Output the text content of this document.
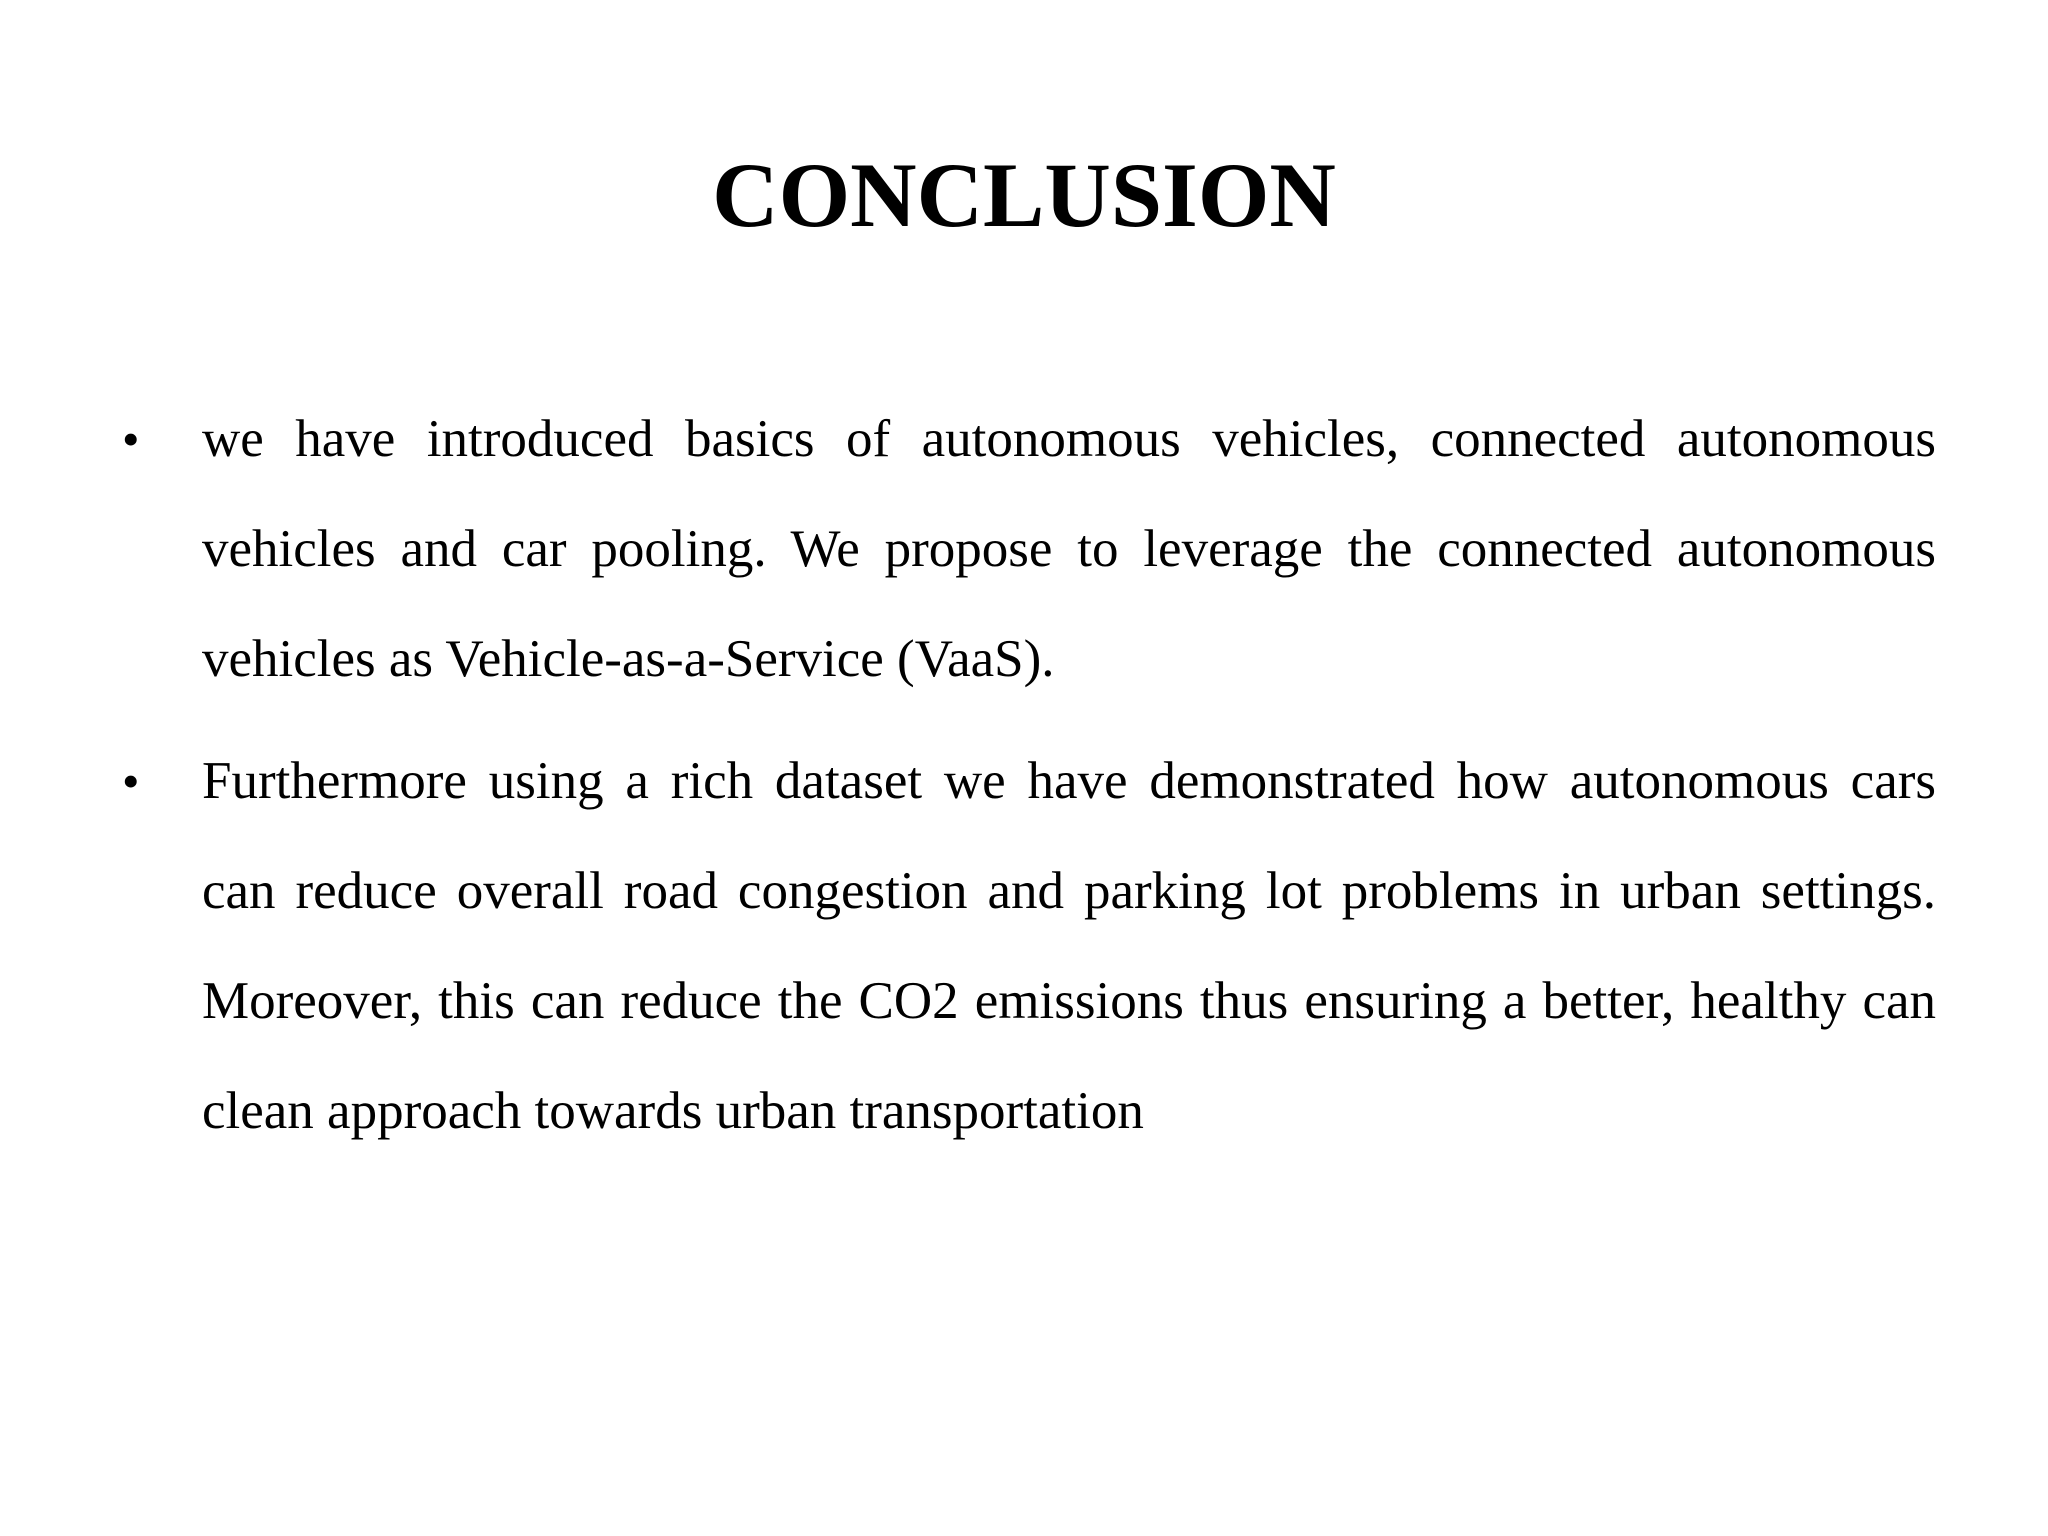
CONCLUSION
• we have introduced basics of autonomous vehicles, connected autonomous vehicles and car pooling. We propose to leverage the connected autonomous vehicles as Vehicle-as-a-Service (VaaS).
• Furthermore using a rich dataset we have demonstrated how autonomous cars can reduce overall road congestion and parking lot problems in urban settings. Moreover, this can reduce the CO2 emissions thus ensuring a better, healthy can clean approach towards urban transportation
